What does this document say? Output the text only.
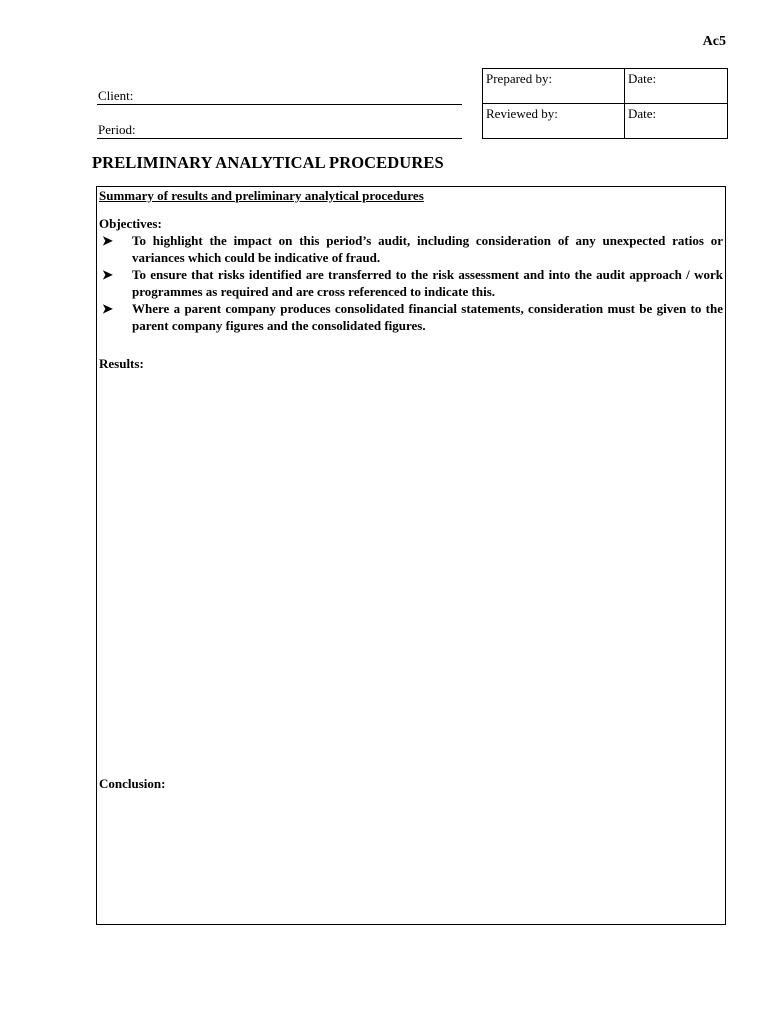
Ac5
Client:
Period:
Prepared by:	Date:
Reviewed by:	Date:
PRELIMINARY ANALYTICAL PROCEDURES
Summary of results and preliminary analytical procedures
Objectives:
➤ To highlight the impact on this period’s audit, including consideration of any unexpected ratios or variances which could be indicative of fraud.
➤ To ensure that risks identified are transferred to the risk assessment and into the audit approach / work programmes as required and are cross referenced to indicate this.
➤ Where a parent company produces consolidated financial statements, consideration must be given to the parent company figures and the consolidated figures.
Results:
Conclusion:
